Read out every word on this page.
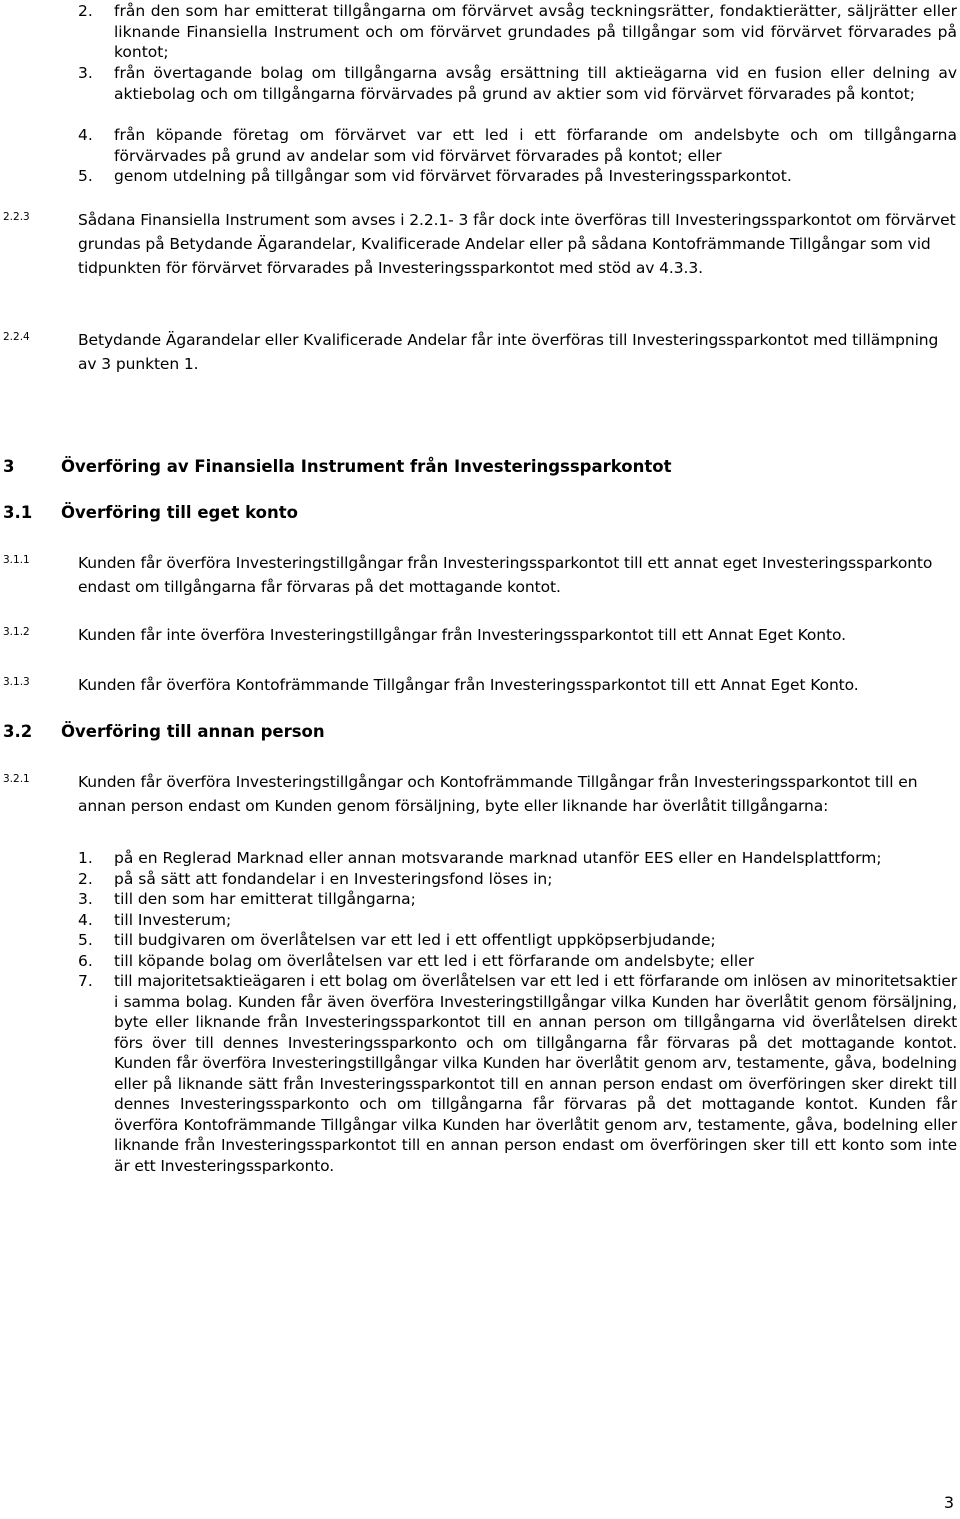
2. från den som har emitterat tillgångarna om förvärvet avsåg teckningsrätter, fondaktierätter, säljrätter eller liknande Finansiella Instrument och om förvärvet grundades på tillgångar som vid förvärvet förvarades på kontot;
3. från övertagande bolag om tillgångarna avsåg ersättning till aktieägarna vid en fusion eller delning av aktiebolag och om tillgångarna förvärvades på grund av aktier som vid förvärvet förvarades på kontot;
4. från köpande företag om förvärvet var ett led i ett förfarande om andelsbyte och om tillgångarna förvärvades på grund av andelar som vid förvärvet förvarades på kontot; eller
5. genom utdelning på tillgångar som vid förvärvet förvarades på Investeringssparkontot.
2.2.3	Sådana Finansiella Instrument som avses i 2.2.1- 3 får dock inte överföras till Investeringssparkontot om förvärvet grundas på Betydande Ägarandelar, Kvalificerade Andelar eller på sådana Kontofrämmande Tillgångar som vid tidpunkten för förvärvet förvarades på Investeringssparkontot med stöd av 4.3.3.
2.2.4	Betydande Ägarandelar eller Kvalificerade Andelar får inte överföras till Investeringssparkontot med tillämpning av 3 punkten 1.
3	Överföring av Finansiella Instrument från Investeringssparkontot
3.1 Överföring till eget konto
3.1.1	Kunden får överföra Investeringstillgångar från Investeringssparkontot till ett annat eget Investeringssparkonto endast om tillgångarna får förvaras på det mottagande kontot.
3.1.2	Kunden får inte överföra Investeringstillgångar från Investeringssparkontot till ett Annat Eget Konto.
3.1.3	Kunden får överföra Kontofrämmande Tillgångar från Investeringssparkontot till ett Annat Eget Konto.
3.2 Överföring till annan person
3.2.1	Kunden får överföra Investeringstillgångar och Kontofrämmande Tillgångar från Investeringssparkontot till en annan person endast om Kunden genom försäljning, byte eller liknande har överlåtit tillgångarna:
1. på en Reglerad Marknad eller annan motsvarande marknad utanför EES eller en Handelsplattform;
2. på så sätt att fondandelar i en Investeringsfond löses in;
3. till den som har emitterat tillgångarna;
4. till Investerum;
5. till budgivaren om överlåtelsen var ett led i ett offentligt uppköpserbjudande;
6. till köpande bolag om överlåtelsen var ett led i ett förfarande om andelsbyte; eller
7. till majoritetsaktieägaren i ett bolag om överlåtelsen var ett led i ett förfarande om inlösen av minoritetsaktier i samma bolag. Kunden får även överföra Investeringstillgångar vilka Kunden har överlåtit genom försäljning, byte eller liknande från Investeringssparkontot till en annan person om tillgångarna vid överlåtelsen direkt förs över till dennes Investeringssparkonto och om tillgångarna får förvaras på det mottagande kontot. Kunden får överföra Investeringstillgångar vilka Kunden har överlåtit genom arv, testamente, gåva, bodelning eller på liknande sätt från Investeringssparkontot till en annan person endast om överföringen sker direkt till dennes Investeringssparkonto och om tillgångarna får förvaras på det mottagande kontot. Kunden får överföra Kontofrämmande Tillgångar vilka Kunden har överlåtit genom arv, testamente, gåva, bodelning eller liknande från Investeringssparkontot till en annan person endast om överföringen sker till ett konto som inte är ett Investeringssparkonto.
3
